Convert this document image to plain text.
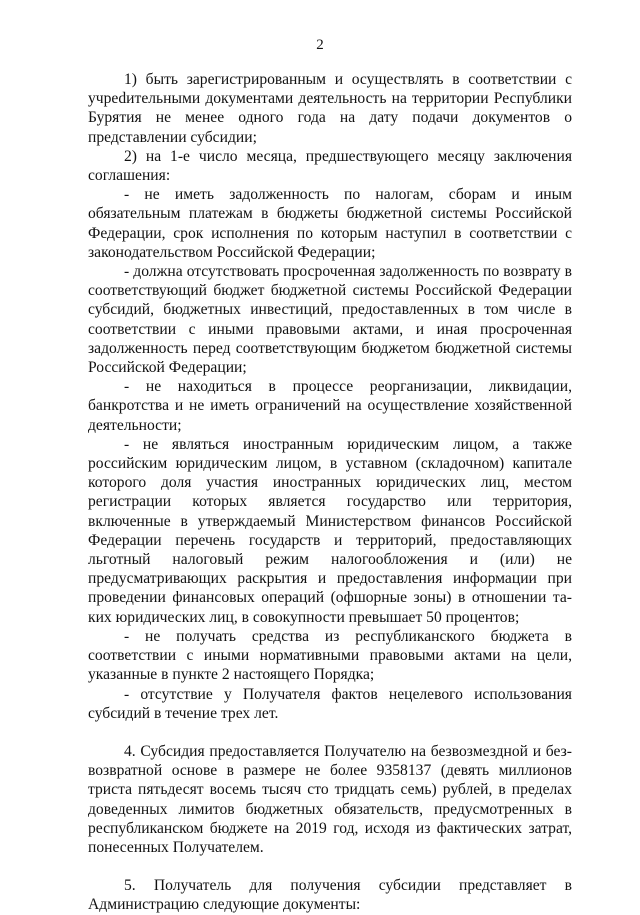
2

1) быть зарегистрированным и осуществлять в соответствии с учреdительными документами деятельность на территории Республики Бурятия не менее одного года на дату подачи документов о представлении субсидии;

2) на 1-е число месяца, предшествующего месяцу заключения соглашения:

- не иметь задолженность по налогам, сборам и иным обязательным платежам в бюджеты бюджетной системы Российской Федерации, срок исполнения по которым наступил в соответствии с законодательством Российской Федерации;

- должна отсутствовать просроченная задолженность по возврату в соответствующий бюджет бюджетной системы Российской Федерации субсидий, бюджетных инвестиций, предоставленных в том числе в соответствии с иными правовыми актами, и иная просроченная задолженность перед соответствующим бюджетом бюджетной системы Российской Федерации;

- не находиться в процессе реорганизации, ликвидации, банкротства и не иметь ограничений на осуществление хозяйственной деятельности;

- не являться иностранным юридическим лицом, а также российским юридическим лицом, в уставном (складочном) капитале которого доля участия иностранных юридических лиц, местом регистрации которых является государство или территория, включенные в утверждаемый Министерством финансов Российской Федерации перечень государств и территорий, предоставляющих льготный налоговый режим налогообложения и (или) не предусматривающих раскрытия и предоставления информации при проведении финансовых операций (офшорные зоны) в отношении таких юридических лиц, в совокупности превышает 50 процентов;

- не получать средства из республиканского бюджета в соответствии с иными нормативными правовыми актами на цели, указанные в пункте 2 настоящего Порядка;

- отсутствие у Получателя фактов нецелевого использования субсидий в течение трех лет.

4. Субсидия предоставляется Получателю на безвозмездной и безвозвратной основе в размере не более 9358137 (девять миллионов триста пятьдесят восемь тысяч сто тридцать семь) рублей, в пределах доведенных лимитов бюджетных обязательств, предусмотренных в республиканском бюджете на 2019 год, исходя из фактических затрат, понесенных Получателем.

5. Получатель для получения субсидии представляет в Администрацию следующие документы:
